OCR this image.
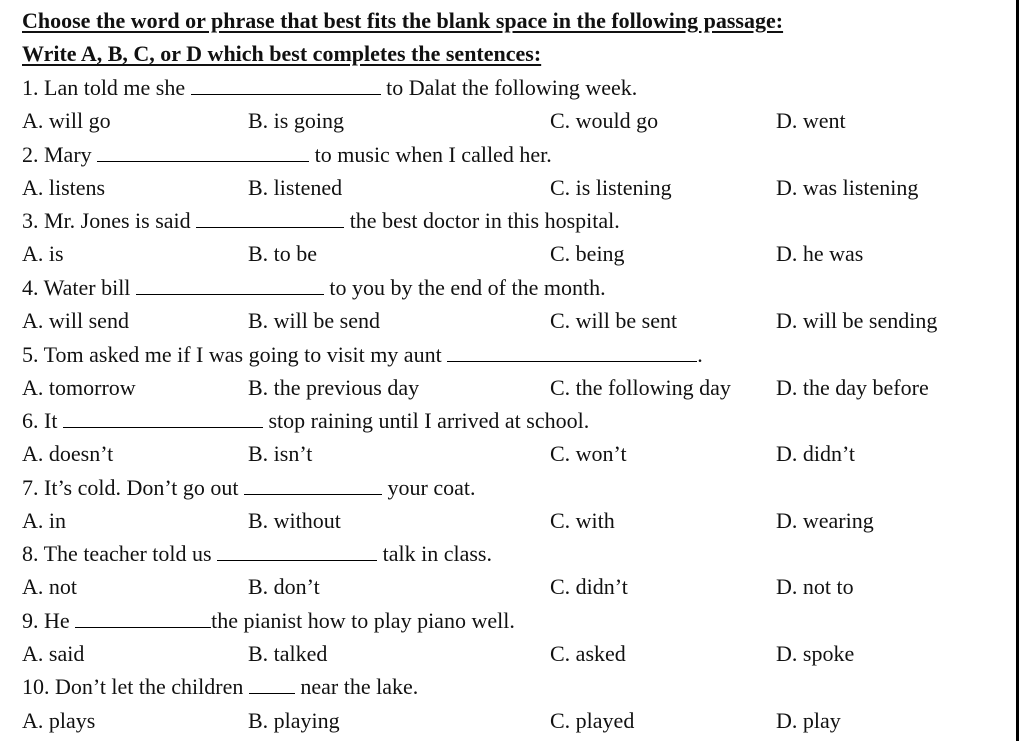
Choose the word or phrase that best fits the blank space in the following passage:
Write A, B, C, or D which best completes the sentences:
1. Lan told me she	to Dalat the following week.
A. will go	B. is going	C. would go	D. went
2. Mary	to music when I called her.
A. listens	B. listened	C. is listening	D. was listening
3. Mr. Jones is said	the best doctor in this hospital.
A. is	B. to be	C. being	D. he was
4. Water bill	to you by the end of the month.
A. will send	B. will be send	C. will be sent	D. will be sending
5. Tom asked me if I was going to visit my aunt	.
A. tomorrow	B. the previous day	C. the following day D. the day before
6. It	stop raining until I arrived at school.
A. doesn’t	B. isn’t	C. won’t	D. didn’t
7. It’s cold. Don’t go out	your coat.
A. in	B. without	C. with	D. wearing
8. The teacher told us	talk in class.
A. not	B. don’t	C. didn’t	D. not to
9. He	the pianist how to play piano well.
A. said	B. talked	C. asked	D. spoke
10. Don’t let the children	near the lake.
A. plays	B. playing	C. played	D. play
